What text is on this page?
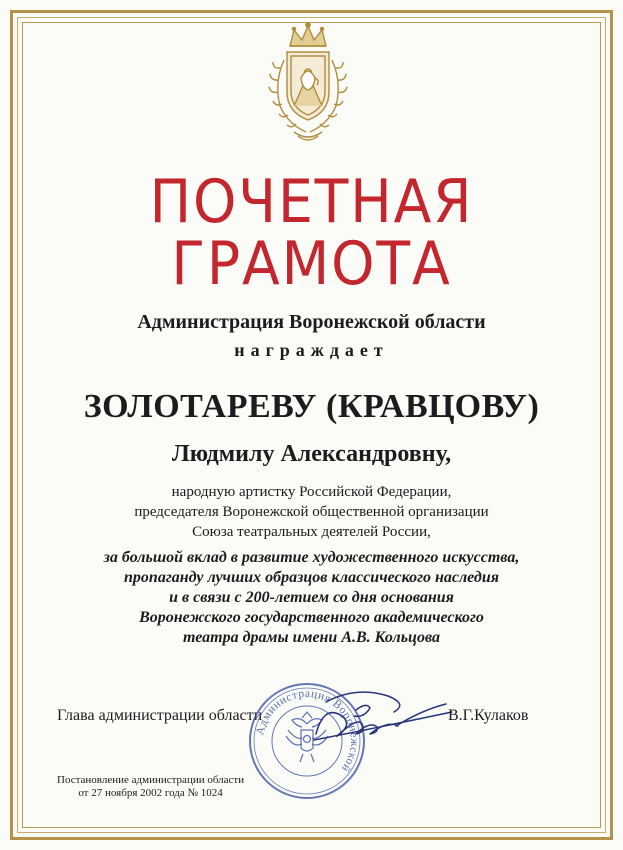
ПОЧЕТНАЯ
ГРАМОТА
Администрация Воронежской области
награждает
ЗОЛОТАРЕВУ (КРАВЦОВУ)
Людмилу Александровну,
народную артистку Российской Федерации,
председателя Воронежской общественной организации
Союза театральных деятелей России,
за большой вклад в развитие художественного искусства,
пропаганду лучших образцов классического наследия
и в связи с 200-летием со дня основания
Воронежского государственного академического
театра драмы имени А.В. Кольцова
Глава администрации области
Администрация Воронежской
В.Г.Кулаков
Постановление администрации области
от 27 ноября 2002 года № 1024
